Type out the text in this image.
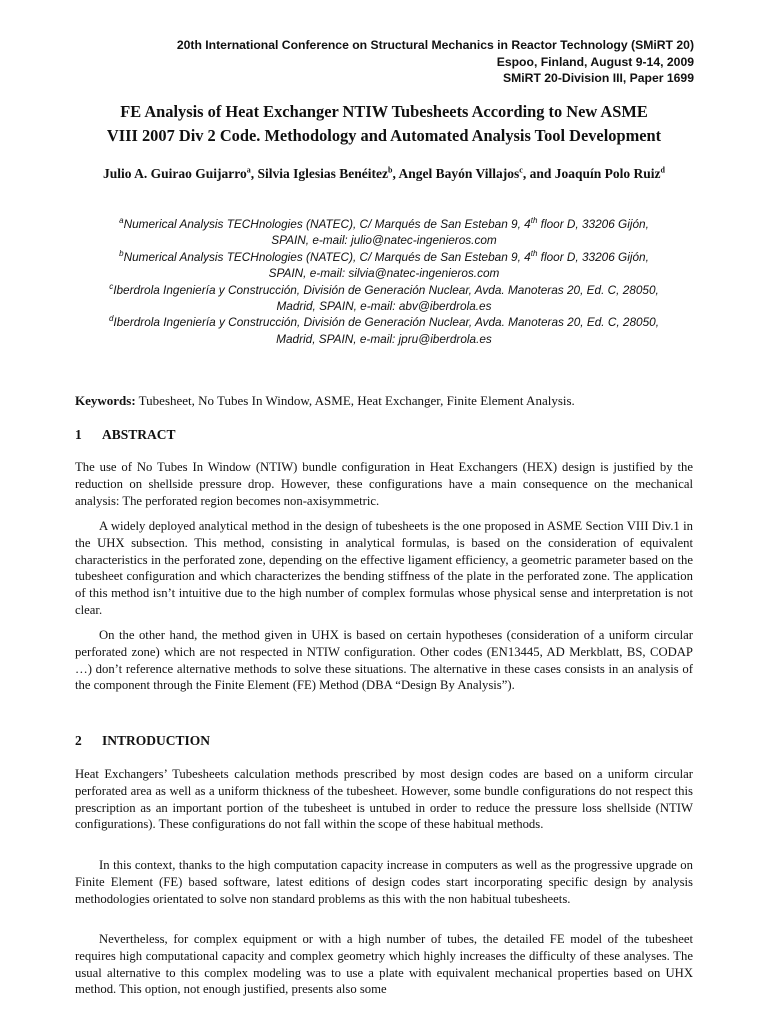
20th International Conference on Structural Mechanics in Reactor Technology (SMiRT 20)
Espoo, Finland, August 9-14, 2009
SMiRT 20-Division III, Paper 1699
FE Analysis of Heat Exchanger NTIW Tubesheets According to New ASME
VIII 2007 Div 2 Code. Methodology and Automated Analysis Tool Development
Julio A. Guirao Guijarro$^a$, Silvia Iglesias Benéitez$^b$, Angel Bayón Villajos$^c$, and Joaquín Polo Ruiz$^d$
$^a$Numerical Analysis TECHnologies (NATEC), C/ Marqués de San Esteban 9, 4th floor D, 33206 Gijón,
SPAIN, e-mail: julio@natec-ingenieros.com
$^b$Numerical Analysis TECHnologies (NATEC), C/ Marqués de San Esteban 9, 4th floor D, 33206 Gijón,
SPAIN, e-mail: silvia@natec-ingenieros.com
$^c$Iberdrola Ingeniería y Construcción, División de Generación Nuclear, Avda. Manoteras 20, Ed. C, 28050,
Madrid, SPAIN, e-mail: abv@iberdrola.es
$^d$Iberdrola Ingeniería y Construcción, División de Generación Nuclear, Avda. Manoteras 20, Ed. C, 28050,
Madrid, SPAIN, e-mail: jpru@iberdrola.es
Keywords: Tubesheet, No Tubes In Window, ASME, Heat Exchanger, Finite Element Analysis.
1 ABSTRACT
The use of No Tubes In Window (NTIW) bundle configuration in Heat Exchangers (HEX) design is justified by the reduction on shellside pressure drop. However, these configurations have a main consequence on the mechanical analysis: The perforated region becomes non-axisymmetric.
A widely deployed analytical method in the design of tubesheets is the one proposed in ASME Section VIII Div.1 in the UHX subsection. This method, consisting in analytical formulas, is based on the consideration of equivalent characteristics in the perforated zone, depending on the effective ligament efficiency, a geometric parameter based on the tubesheet configuration and which characterizes the bending stiffness of the plate in the perforated zone. The application of this method isn’t intuitive due to the high number of complex formulas whose physical sense and interpretation is not clear.
On the other hand, the method given in UHX is based on certain hypotheses (consideration of a uniform circular perforated zone) which are not respected in NTIW configuration. Other codes (EN13445, AD Merkblatt, BS, CODAP …) don’t reference alternative methods to solve these situations. The alternative in these cases consists in an analysis of the component through the Finite Element (FE) Method (DBA “Design By Analysis”).
2 INTRODUCTION
Heat Exchangers’ Tubesheets calculation methods prescribed by most design codes are based on a uniform circular perforated area as well as a uniform thickness of the tubesheet. However, some bundle configurations do not respect this prescription as an important portion of the tubesheet is untubed in order to reduce the pressure loss shellside (NTIW configurations). These configurations do not fall within the scope of these habitual methods.
In this context, thanks to the high computation capacity increase in computers as well as the progressive upgrade on Finite Element (FE) based software, latest editions of design codes start incorporating specific design by analysis methodologies orientated to solve non standard problems as this with the non habitual tubesheets.
Nevertheless, for complex equipment or with a high number of tubes, the detailed FE model of the tubesheet requires high computational capacity and complex geometry which highly increases the difficulty of these analyses. The usual alternative to this complex modeling was to use a plate with equivalent mechanical properties based on UHX method. This option, not enough justified, presents also some
